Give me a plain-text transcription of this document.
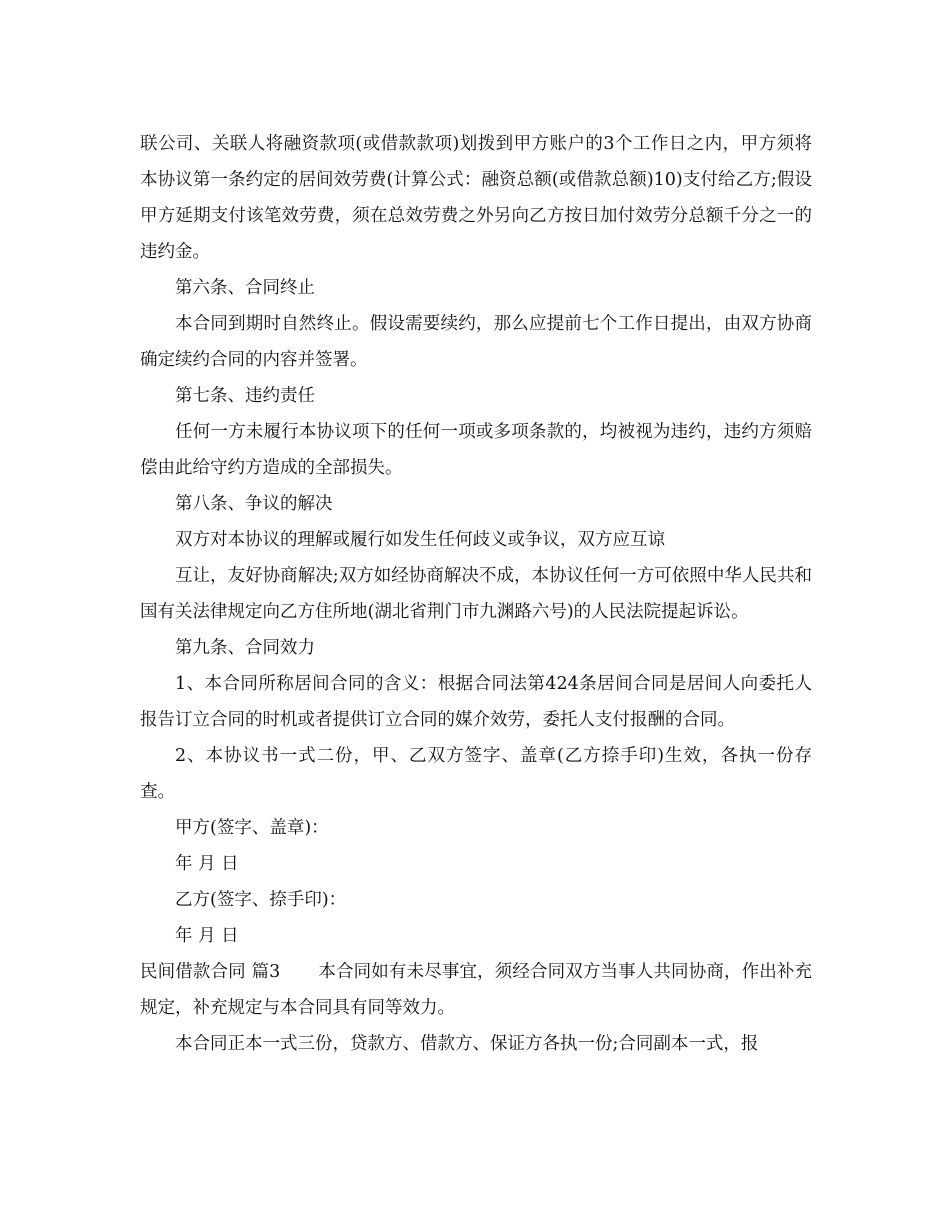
联公司、关联人将融资款项(或借款款项)划拨到甲方账户的3个工作日之内，甲方须将本协议第一条约定的居间效劳费(计算公式：融资总额(或借款总额)10)支付给乙方;假设甲方延期支付该笔效劳费，须在总效劳费之外另向乙方按日加付效劳分总额千分之一的违约金。

第六条、合同终止

本合同到期时自然终止。假设需要续约，那么应提前七个工作日提出，由双方协商确定续约合同的内容并签署。

第七条、违约责任

任何一方未履行本协议项下的任何一项或多项条款的，均被视为违约，违约方须赔偿由此给守约方造成的全部损失。

第八条、争议的解决

双方对本协议的理解或履行如发生任何歧义或争议，双方应互谅

互让，友好协商解决;双方如经协商解决不成，本协议任何一方可依照中华人民共和国有关法律规定向乙方住所地(湖北省荆门市九渊路六号)的人民法院提起诉讼。

第九条、合同效力

1、本合同所称居间合同的含义：根据合同法第424条居间合同是居间人向委托人报告订立合同的时机或者提供订立合同的媒介效劳，委托人支付报酬的合同。

2、本协议书一式二份，甲、乙双方签字、盖章(乙方捺手印)生效，各执一份存查。

甲方(签字、盖章)：

年 月 日

乙方(签字、捺手印)：

年 月 日

民间借款合同 篇3 本合同如有未尽事宜，须经合同双方当事人共同协商，作出补充规定，补充规定与本合同具有同等效力。

本合同正本一式三份，贷款方、借款方、保证方各执一份;合同副本一式，报
